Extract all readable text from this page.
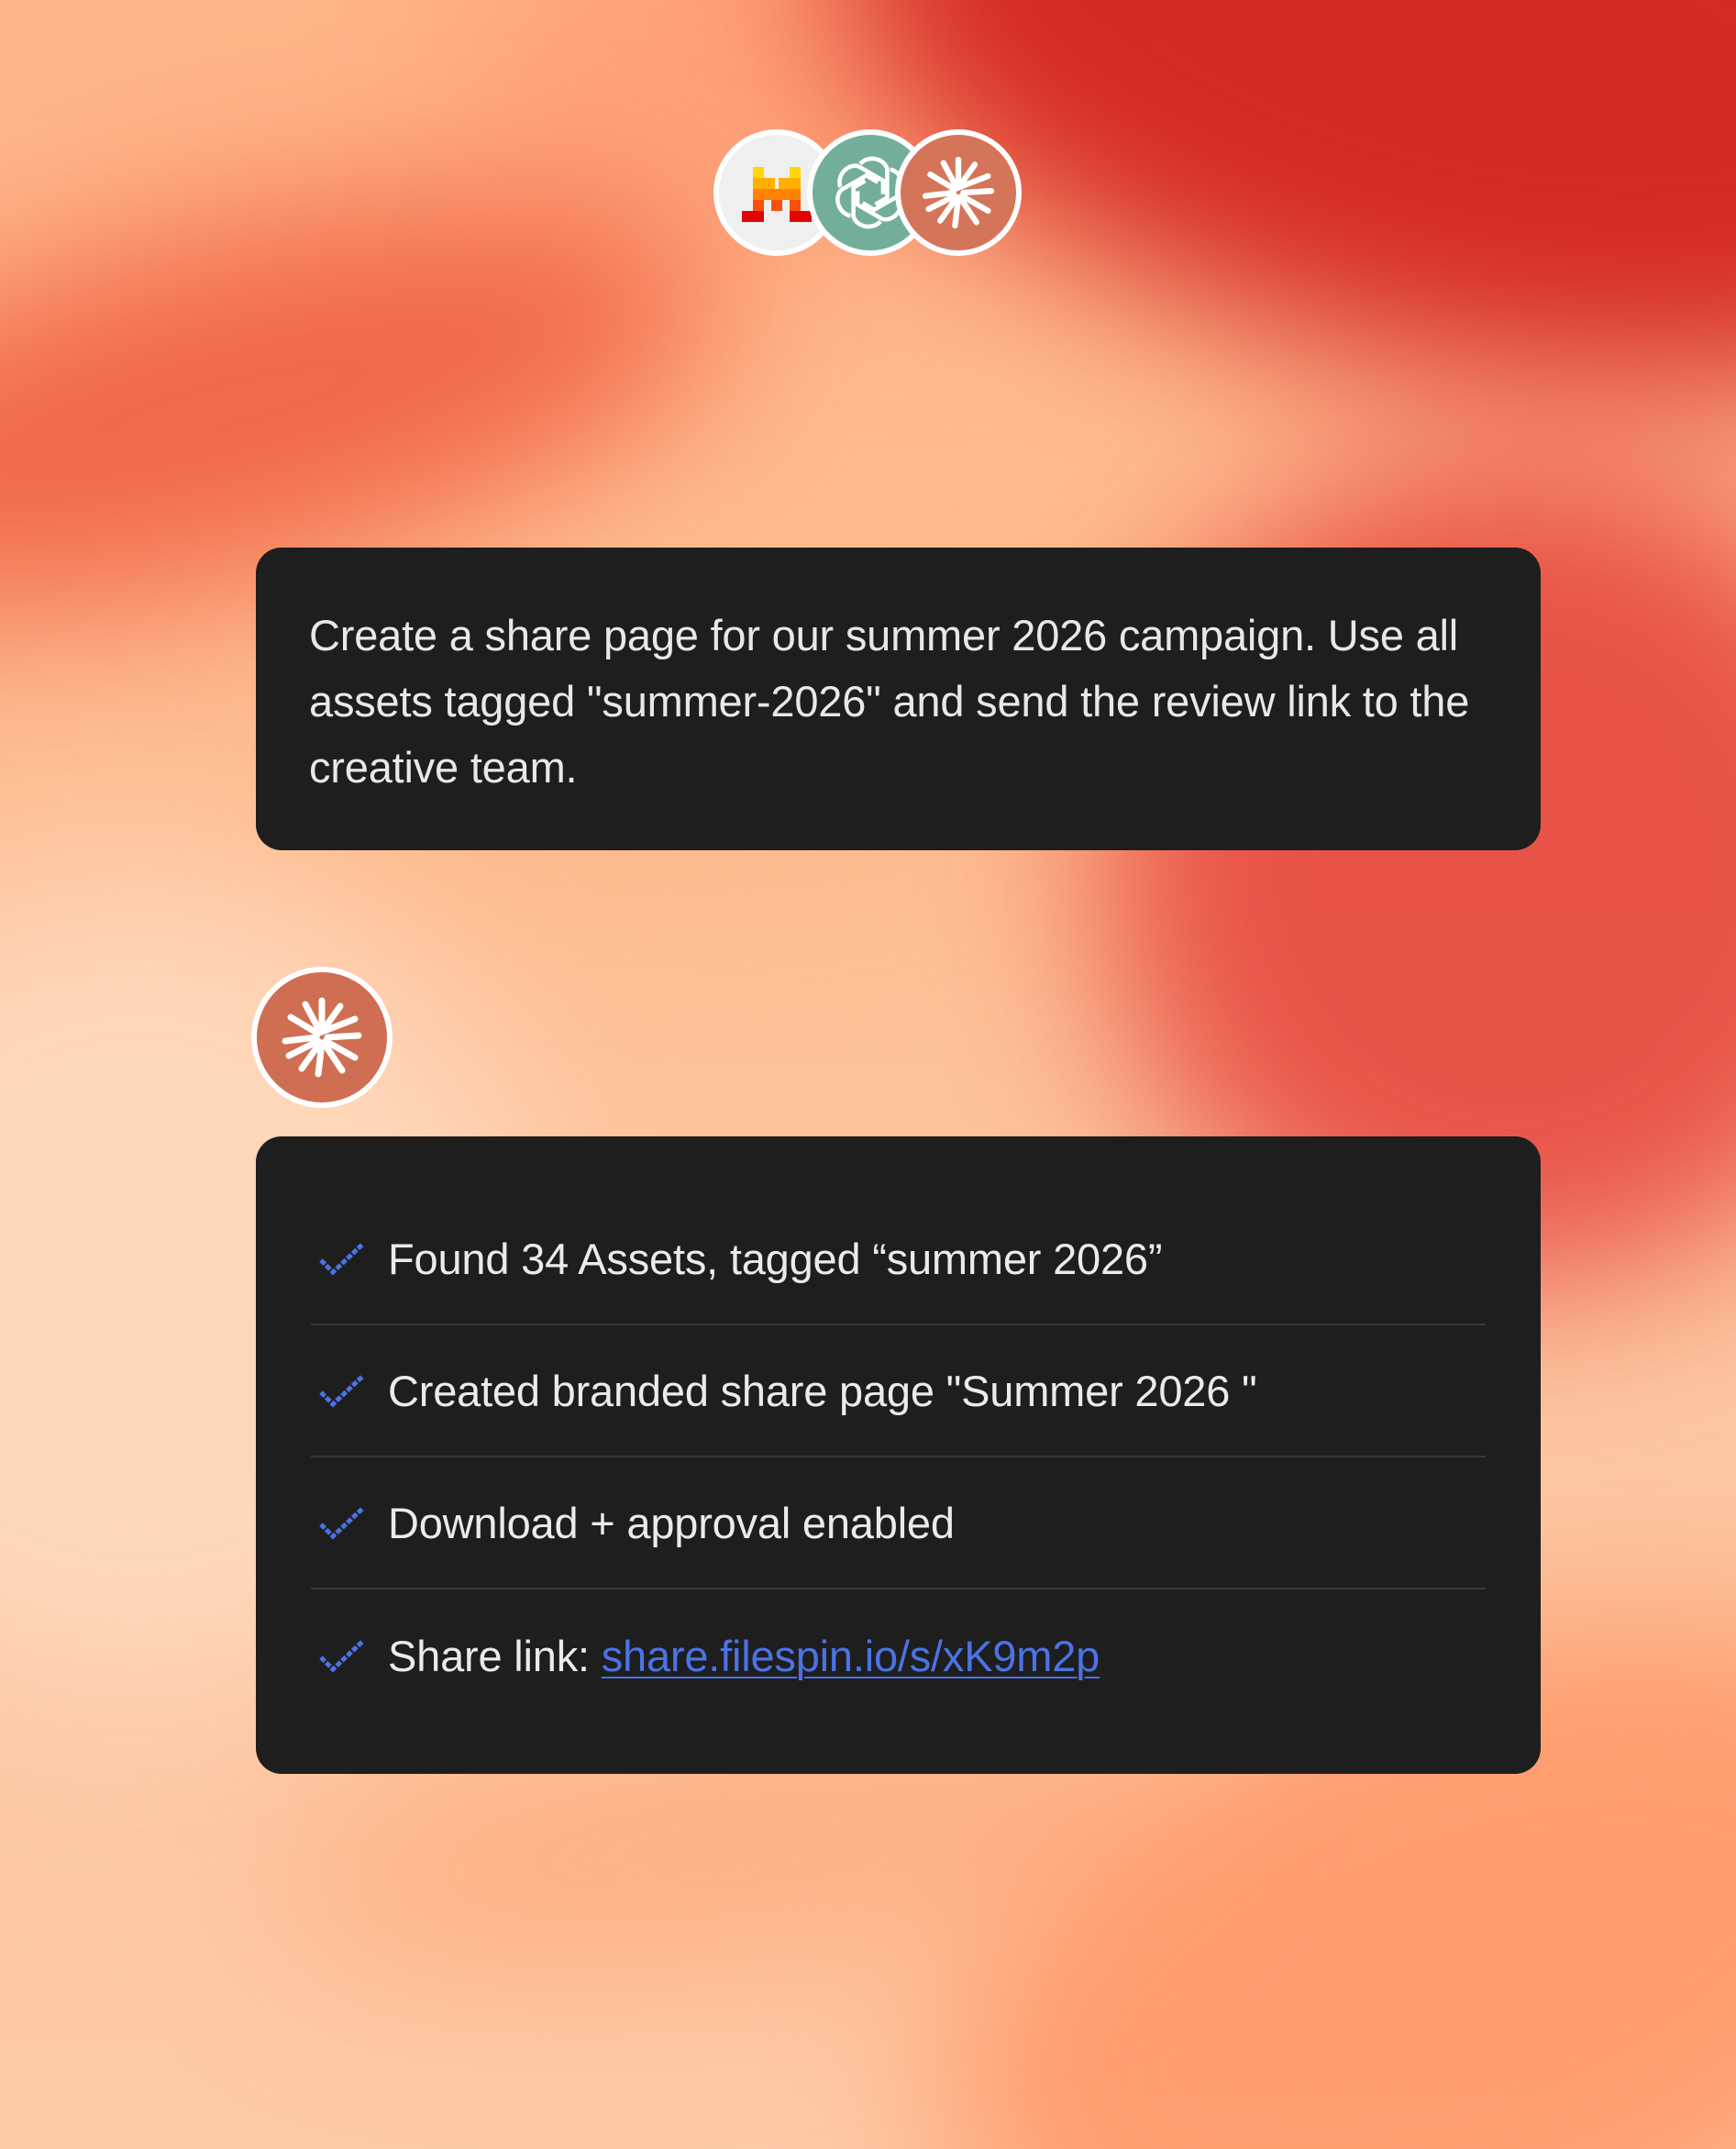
Create a share page for our summer 2026 campaign. Use all assets tagged "summer-2026" and send the review link to the creative team.
Found 34 Assets, tagged “summer 2026”
Created branded share page "Summer 2026 "
Download + approval enabled
Share link: share.filespin.io/s/xK9m2p
